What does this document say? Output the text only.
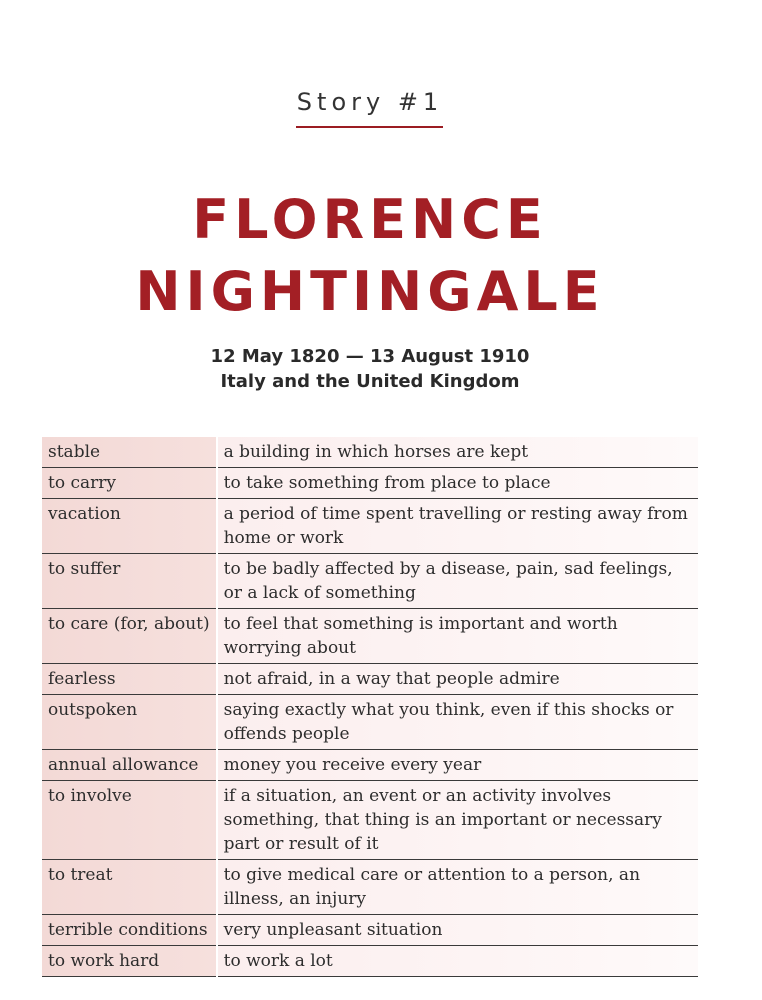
Story #1
FLORENCE
NIGHTINGALE
12 May 1820 — 13 August 1910
Italy and the United Kingdom
stable	a building in which horses are kept
to carry	to take something from place to place
vacation	a period of time spent travelling or resting away from home or work
to suffer	to be badly affected by a disease, pain, sad feelings, or a lack of something
to care (for, about)	to feel that something is important and worth worrying about
fearless	not afraid, in a way that people admire
outspoken	saying exactly what you think, even if this shocks or offends people
annual allowance	money you receive every year
to involve	if a situation, an event or an activity involves something, that thing is an important or necessary part or result of it
to treat	to give medical care or attention to a person, an illness, an injury
terrible conditions	very unpleasant situation
to work hard	to work a lot
